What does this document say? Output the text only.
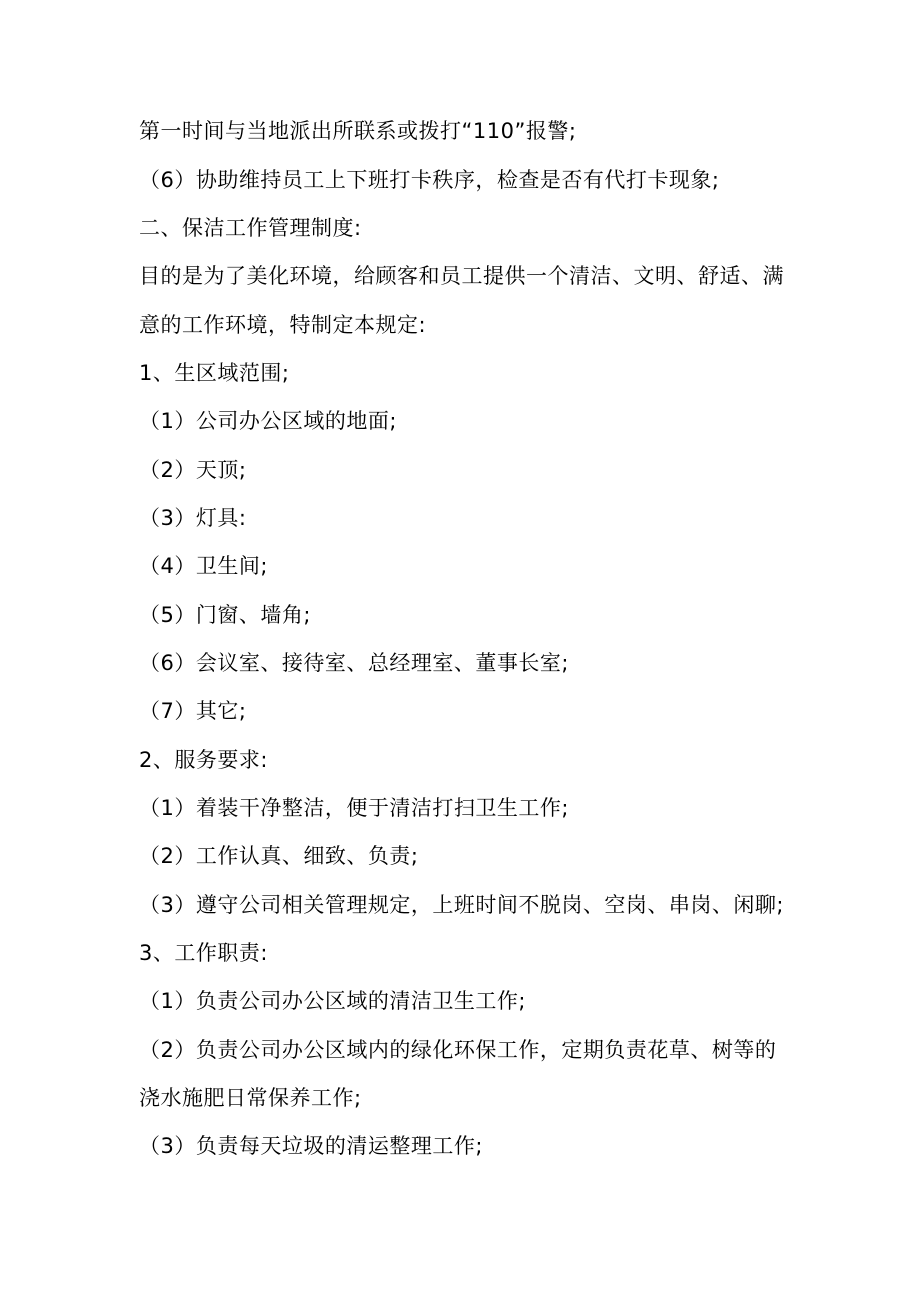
第一时间与当地派出所联系或拨打“110”报警;
（6）协助维持员工上下班打卡秩序，检查是否有代打卡现象;
二、保洁工作管理制度:
目的是为了美化环境，给顾客和员工提供一个清洁、文明、舒适、满
意的工作环境，特制定本规定:
1、生区域范围;
（1）公司办公区域的地面;
（2）天顶;
（3）灯具:
（4）卫生间;
（5）门窗、墙角;
（6）会议室、接待室、总经理室、董事长室;
（7）其它;
2、服务要求:
（1）着装干净整洁，便于清洁打扫卫生工作;
（2）工作认真、细致、负责;
（3）遵守公司相关管理规定，上班时间不脱岗、空岗、串岗、闲聊;
3、工作职责:
（1）负责公司办公区域的清洁卫生工作;
（2）负责公司办公区域内的绿化环保工作，定期负责花草、树等的
浇水施肥日常保养工作;
（3）负责每天垃圾的清运整理工作;
